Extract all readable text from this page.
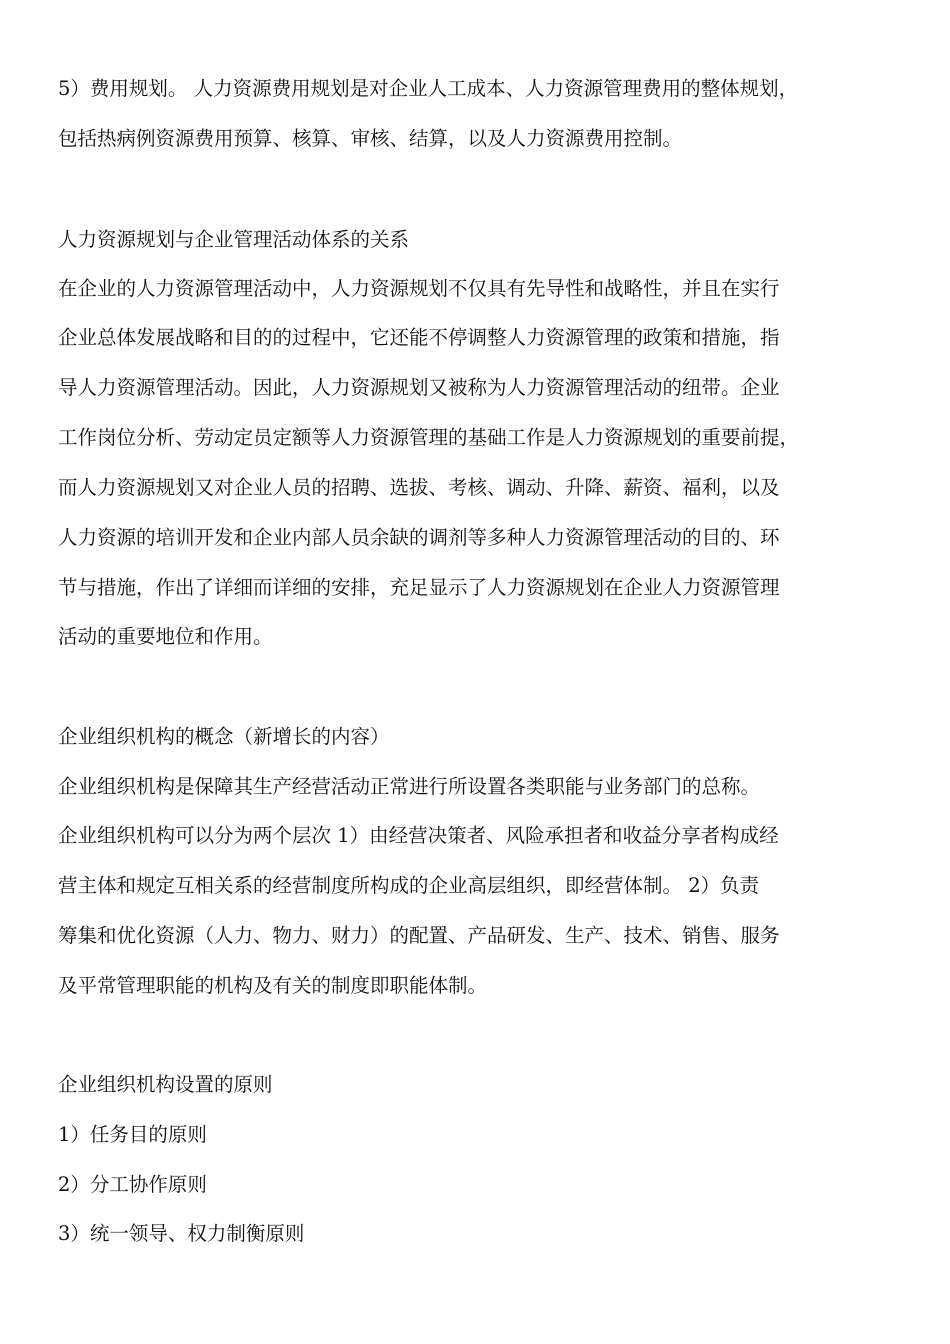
5）费用规划。 人力资源费用规划是对企业人工成本、人力资源管理费用的整体规划，
包括热病例资源费用预算、核算、审核、结算，以及人力资源费用控制。
人力资源规划与企业管理活动体系的关系
在企业的人力资源管理活动中，人力资源规划不仅具有先导性和战略性，并且在实行
企业总体发展战略和目的的过程中，它还能不停调整人力资源管理的政策和措施，指
导人力资源管理活动。因此，人力资源规划又被称为人力资源管理活动的纽带。企业
工作岗位分析、劳动定员定额等人力资源管理的基础工作是人力资源规划的重要前提，
而人力资源规划又对企业人员的招聘、选拔、考核、调动、升降、薪资、福利，以及
人力资源的培训开发和企业内部人员余缺的调剂等多种人力资源管理活动的目的、环
节与措施，作出了详细而详细的安排，充足显示了人力资源规划在企业人力资源管理
活动的重要地位和作用。
企业组织机构的概念（新增长的内容）
企业组织机构是保障其生产经营活动正常进行所设置各类职能与业务部门的总称。
企业组织机构可以分为两个层次 1）由经营决策者、风险承担者和收益分享者构成经
营主体和规定互相关系的经营制度所构成的企业高层组织，即经营体制。 2）负责
筹集和优化资源（人力、物力、财力）的配置、产品研发、生产、技术、销售、服务
及平常管理职能的机构及有关的制度即职能体制。
企业组织机构设置的原则
1）任务目的原则
2）分工协作原则
3）统一领导、权力制衡原则
